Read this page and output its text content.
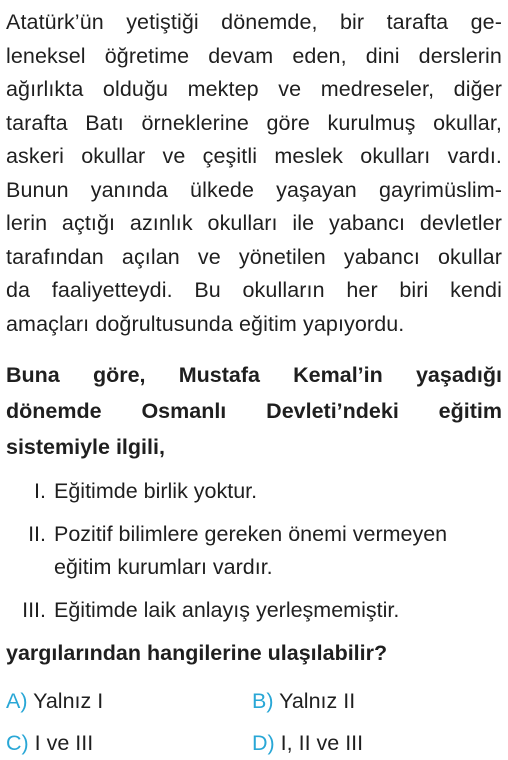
Atatürk’ün yetiştiği dönemde, bir tarafta ge-
leneksel öğretime devam eden, dini derslerin
ağırlıkta olduğu mektep ve medreseler, diğer
tarafta Batı örneklerine göre kurulmuş okullar,
askeri okullar ve çeşitli meslek okulları vardı.
Bunun yanında ülkede yaşayan gayrimüslim-
lerin açtığı azınlık okulları ile yabancı devletler
tarafından açılan ve yönetilen yabancı okullar
da faaliyetteydi. Bu okulların her biri kendi
amaçları doğrultusunda eğitim yapıyordu.

Buna göre, Mustafa Kemal’in yaşadığı
dönemde Osmanlı Devleti’ndeki eğitim
sistemiyle ilgili,
I. Eğitimde birlik yoktur.
II. Pozitif bilimlere gereken önemi vermeyen eğitim kurumları vardır.
III. Eğitimde laik anlayış yerleşmemiştir.
yargılarından hangilerine ulaşılabilir?
A) Yalnız I	B) Yalnız II
C) I ve III	D) I, II ve III
